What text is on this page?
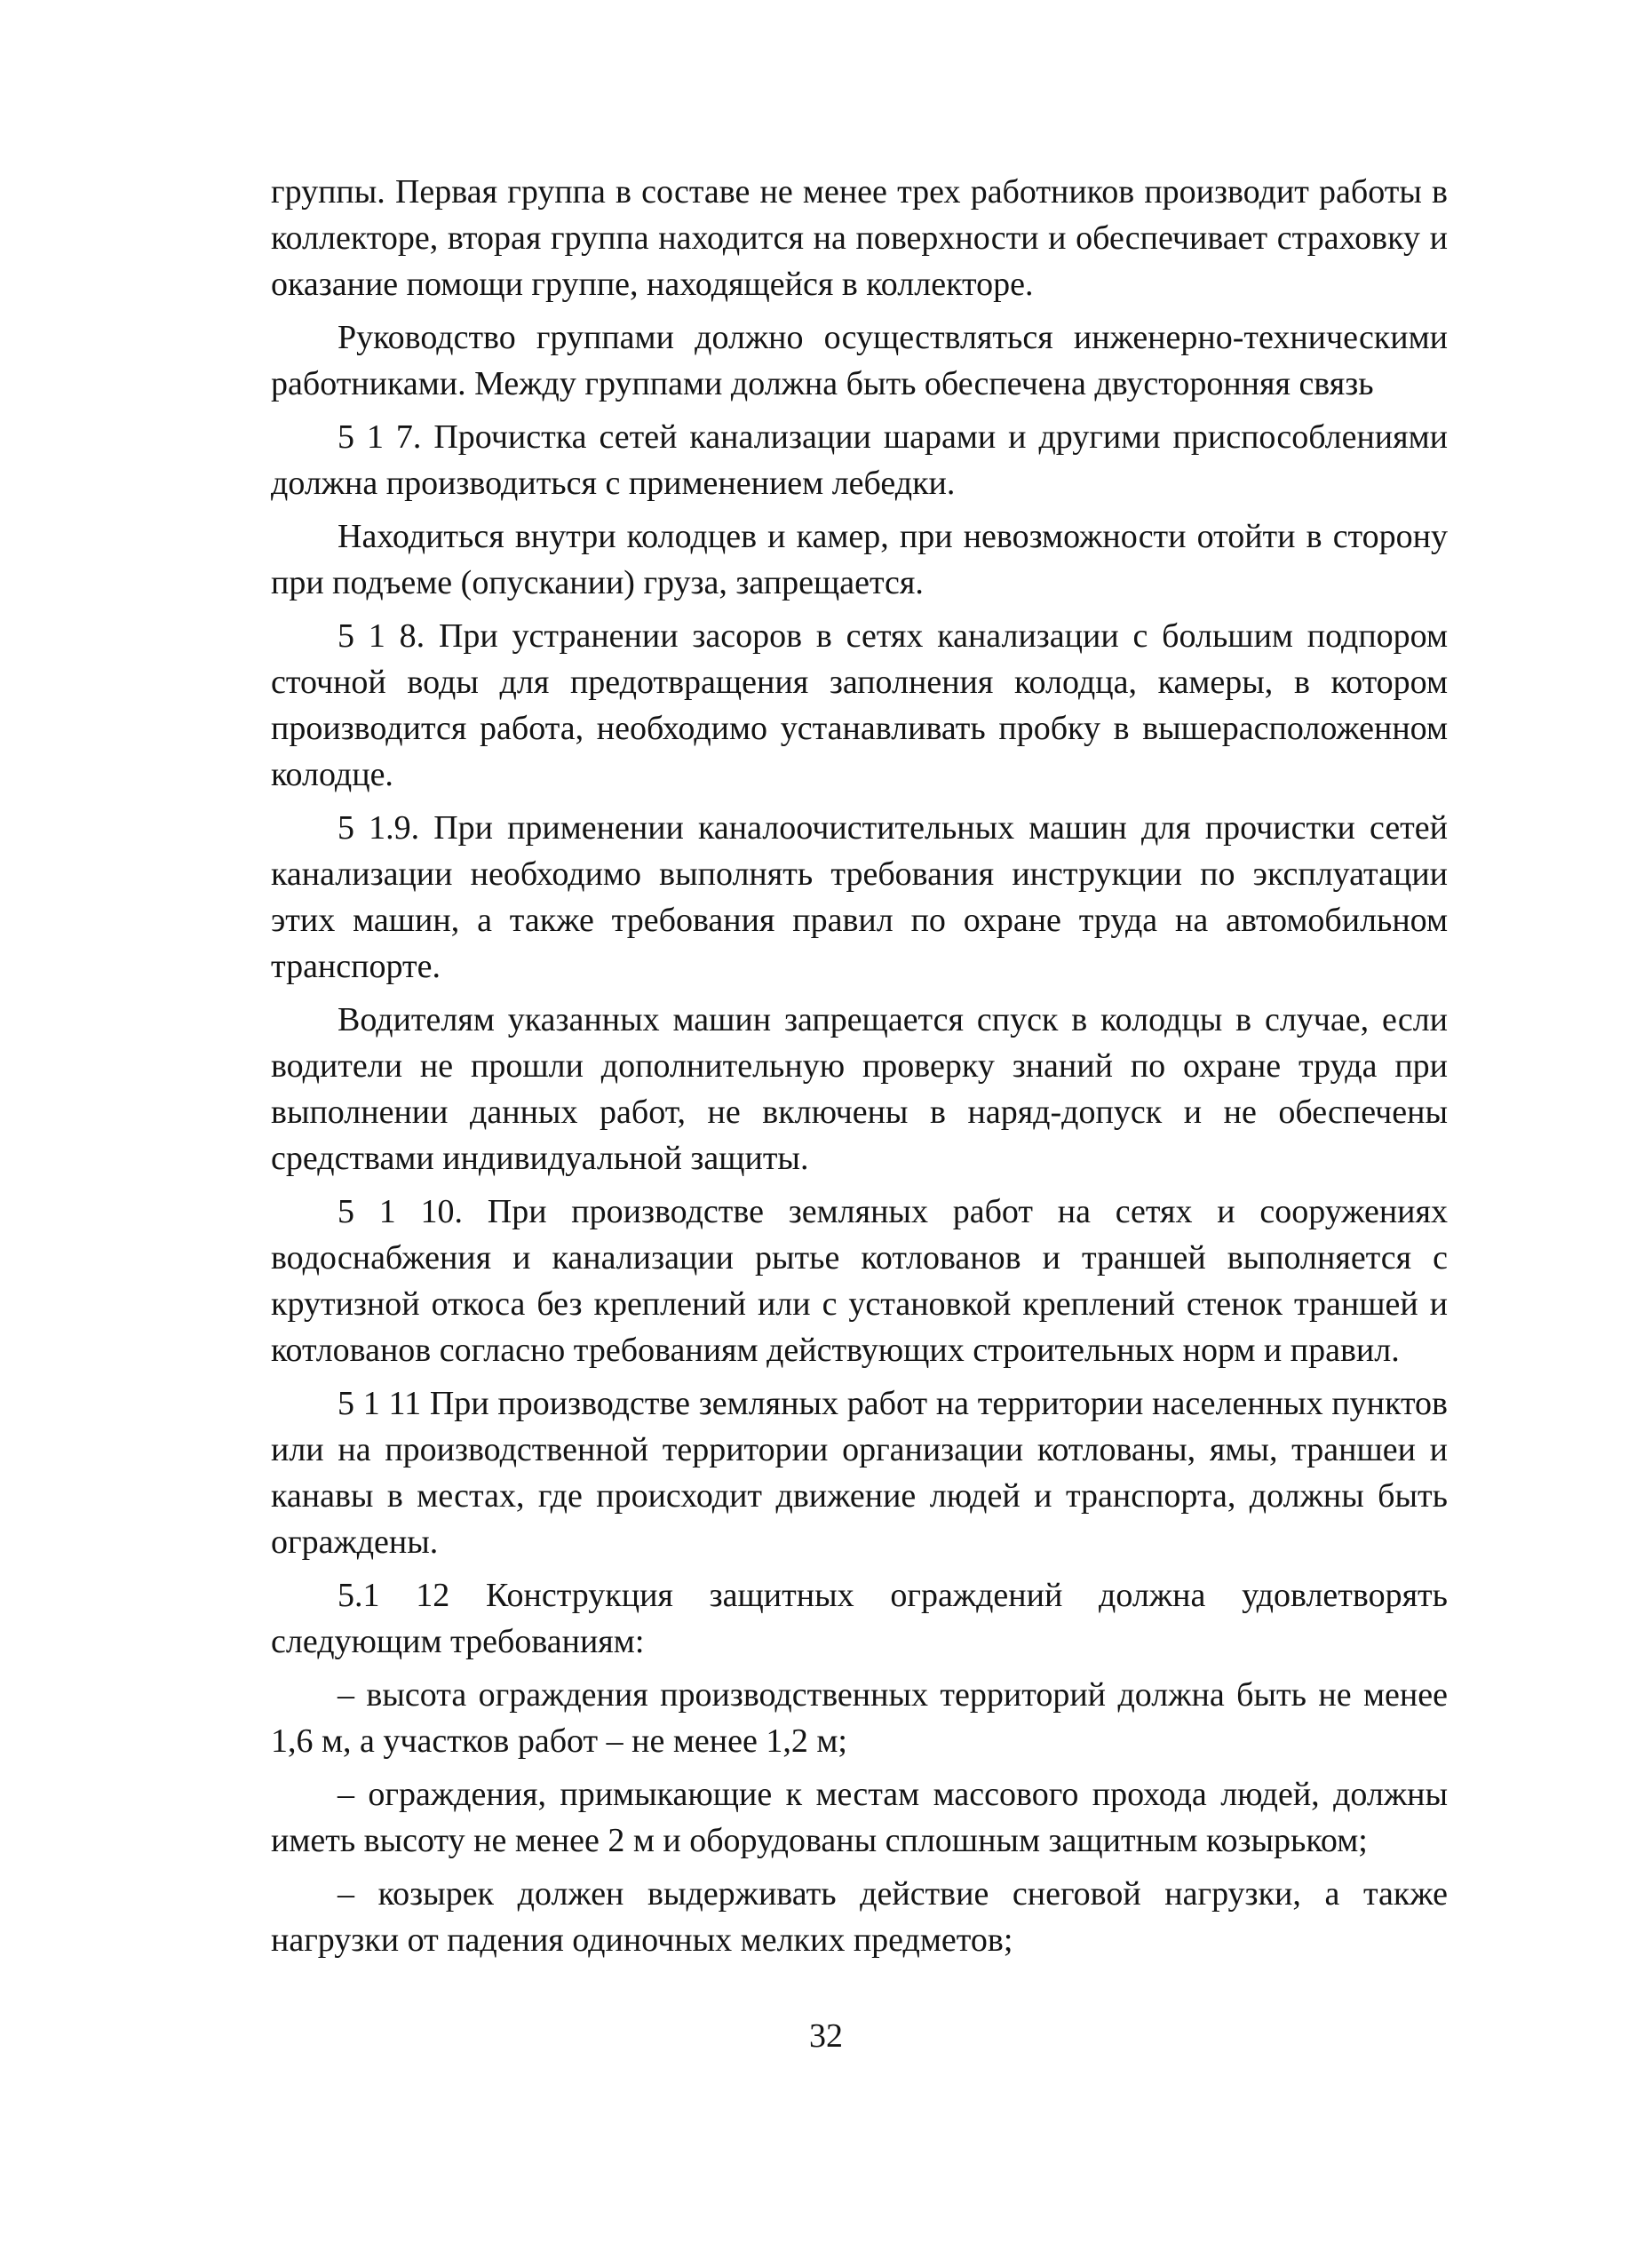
группы. Первая группа в составе не менее трех работников производит работы в коллекторе, вторая группа находится на поверхности и обеспечивает страховку и оказание помощи группе, находящейся в коллекторе.

Руководство группами должно осуществляться инженерно-техническими работниками. Между группами должна быть обеспечена двусторонняя связь

5 1 7. Прочистка сетей канализации шарами и другими приспособлениями должна производиться с применением лебедки.

Находиться внутри колодцев и камер, при невозможности отойти в сторону при подъеме (опускании) груза, запрещается.

5 1 8. При устранении засоров в сетях канализации с большим подпором сточной воды для предотвращения заполнения колодца, камеры, в котором производится работа, необходимо устанавливать пробку в вышерасположенном колодце.

5 1.9. При применении каналоочистительных машин для прочистки сетей канализации необходимо выполнять требования инструкции по эксплуатации этих машин, а также требования правил по охране труда на автомобильном транспорте.

Водителям указанных машин запрещается спуск в колодцы в случае, если водители не прошли дополнительную проверку знаний по охране труда при выполнении данных работ, не включены в наряд-допуск и не обеспечены средствами индивидуальной защиты.

5 1 10. При производстве земляных работ на сетях и сооружениях водоснабжения и канализации рытье котлованов и траншей выполняется с крутизной откоса без креплений или с установкой креплений стенок траншей и котлованов согласно требованиям действующих строительных норм и правил.

5 1 11 При производстве земляных работ на территории населенных пунктов или на производственной территории организации котлованы, ямы, траншеи и канавы в местах, где происходит движение людей и транспорта, должны быть ограждены.

5.1 12 Конструкция защитных ограждений должна удовлетворять следующим требованиям:

– высота ограждения производственных территорий должна быть не менее 1,6 м, а участков работ – не менее 1,2 м;

– ограждения, примыкающие к местам массового прохода людей, должны иметь высоту не менее 2 м и оборудованы сплошным защитным козырьком;

– козырек должен выдерживать действие снеговой нагрузки, а также нагрузки от падения одиночных мелких предметов;

32
